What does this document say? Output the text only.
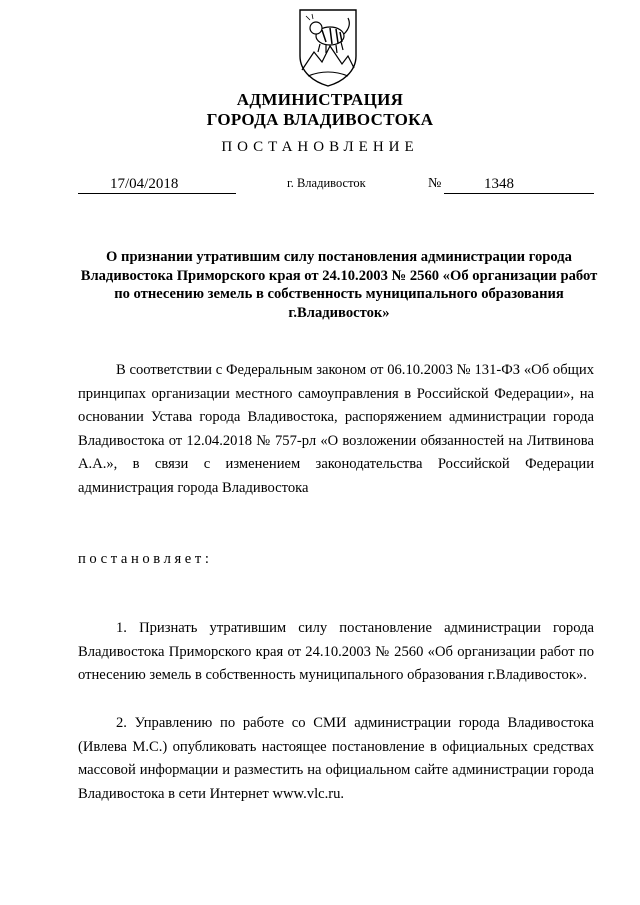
АДМИНИСТРАЦИЯ
ГОРОДА ВЛАДИВОСТОКА
ПОСТАНОВЛЕНИЕ
17/04/2018	г. Владивосток	№	1348
О признании утратившим силу постановления администрации города Владивостока Приморского края от 24.10.2003 № 2560 «Об организации работ по отнесению земель в собственность муниципального образования г.Владивосток»
В соответствии с Федеральным законом от 06.10.2003 № 131-ФЗ «Об общих принципах организации местного самоуправления в Российской Федерации», на основании Устава города Владивостока, распоряжением администрации города Владивостока от 12.04.2018 № 757-рл «О возложении обязанностей на Литвинова А.А.», в связи с изменением законодательства Российской Федерации администрация города Владивостока
постановляет:
1. Признать утратившим силу постановление администрации города Владивостока Приморского края от 24.10.2003 № 2560 «Об организации работ по отнесению земель в собственность муниципального образования г.Владивосток».
2. Управлению по работе со СМИ администрации города Владивостока (Ивлева М.С.) опубликовать настоящее постановление в официальных средствах массовой информации и разместить на официальном сайте администрации города Владивостока в сети Интернет www.vlc.ru.
